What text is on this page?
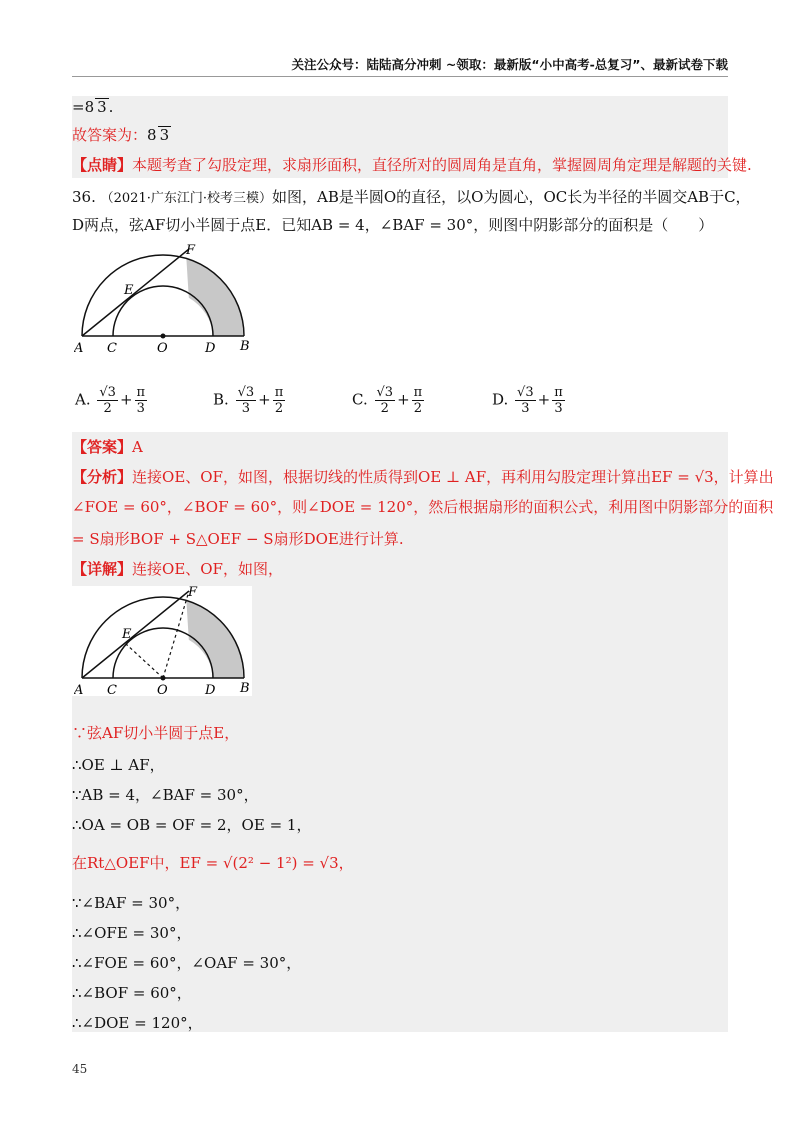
关注公众号：陆陆高分冲刺 ~领取：最新版“小中高考-总复习”、最新试卷下载
=8 3 .
故答案为：8 3
【点睛】本题考查了勾股定理，求扇形面积，直径所对的圆周角是直角，掌握圆周角定理是解题的关键.
36. （2021·广东江门·校考三模）如图，AB是半圆O的直径，以O为圆心，OC长为半径的半圆交AB于C，
D两点，弦AF切小半圆于点E．已知AB = 4，∠BAF = 30°，则图中阴影部分的面积是（　　）
A C	O	D B
E
F
A. $\frac{√3}{2} + \frac{\pi}{3}$	B. $\frac{√3}{3} + \frac{\pi}{2}$	C. $\frac{√3}{2} + \frac{\pi}{2}$	D. $\frac{√3}{3} + \frac{\pi}{3}$
【答案】A
【分析】连接OE、OF，如图，根据切线的性质得到OE ⊥ AF，再利用勾股定理计算出EF = √3，计算出
∠FOE = 60°，∠BOF = 60°，则∠DOE = 120°，然后根据扇形的面积公式，利用图中阴影部分的面积
= S扇形BOF + S△OEF − S扇形DOE进行计算.
【详解】连接OE、OF，如图，
A C	O	D B
E
F
∵弦AF切小半圆于点E，
∴OE ⊥ AF，
∵AB = 4，∠BAF = 30°，
∴OA = OB = OF = 2，OE = 1，
在Rt△OEF中，EF = √(2² − 1²) = √3，
∵∠BAF = 30°，
∴∠OFE = 30°，
∴∠FOE = 60°，∠OAF = 30°，
∴∠BOF = 60°，
∴∠DOE = 120°，
45
